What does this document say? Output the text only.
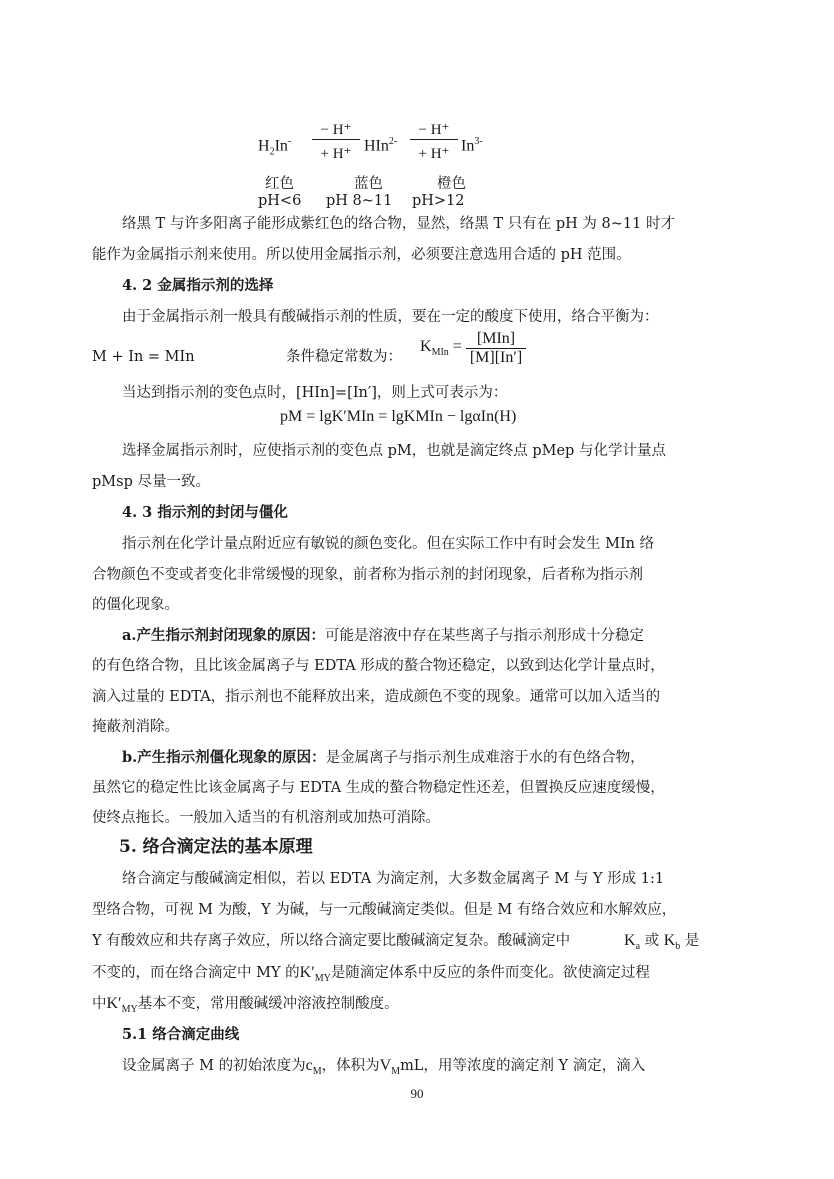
$H_2In^-$
− H⁺
+ H⁺ HIn$^{2-}$
− H⁺
+ H⁺ $In^{3-}$
红色	蓝色	橙色
pH<6 pH 8~11 pH>12
络黑 T 与许多阳离子能形成紫红色的络合物，显然，络黑 T 只有在 pH 为 8~11 时才
能作为金属指示剂来使用。所以使用金属指示剂，必须要注意选用合适的 pH 范围。
4. 2 金属指示剂的选择
由于金属指示剂一般具有酸碱指示剂的性质，要在一定的酸度下使用，络合平衡为：
M + In = MIn	条件稳定常数为：
$K_{MIn} = \frac{\text{[MIn]}}{[M][In']}$
当达到指示剂的变色点时，[HIn]=[In′]，则上式可表示为：
pM = lgK′MIn = lgKMIn − lgαIn(H)
选择金属指示剂时，应使指示剂的变色点 pM，也就是滴定终点 pMep 与化学计量点
pMsp 尽量一致。
4. 3 指示剂的封闭与僵化
指示剂在化学计量点附近应有敏锐的颜色变化。但在实际工作中有时会发生 MIn 络
合物颜色不变或者变化非常缓慢的现象，前者称为指示剂的封闭现象，后者称为指示剂
的僵化现象。
a.产生指示剂封闭现象的原因：可能是溶液中存在某些离子与指示剂形成十分稳定
的有色络合物，且比该金属离子与 EDTA 形成的螯合物还稳定，以致到达化学计量点时，
滴入过量的 EDTA，指示剂也不能释放出来，造成颜色不变的现象。通常可以加入适当的
掩蔽剂消除。
b.产生指示剂僵化现象的原因：是金属离子与指示剂生成难溶于水的有色络合物，
虽然它的稳定性比该金属离子与 EDTA 生成的螯合物稳定性还差，但置换反应速度缓慢，
使终点拖长。一般加入适当的有机溶剂或加热可消除。
5. 络合滴定法的基本原理
络合滴定与酸碱滴定相似，若以 EDTA 为滴定剂，大多数金属离子 M 与 Y 形成 1:1
型络合物，可视 M 为酸，Y 为碱，与一元酸碱滴定类似。但是 M 有络合效应和水解效应，
Y 有酸效应和共存离子效应，所以络合滴定要比酸碱滴定复杂。酸碱滴定中	$K_a$ 或 $K_b$ 是
不变的，而在络合滴定中 MY 的$K'_{MY}$是随滴定体系中反应的条件而变化。欲使滴定过程
中$K'_{MY}$基本不变，常用酸碱缓冲溶液控制酸度。
5.1 络合滴定曲线
设金属离子 M 的初始浓度为$c_M$，体积为$V_MmL$，用等浓度的滴定剂 Y 滴定，滴入
90
